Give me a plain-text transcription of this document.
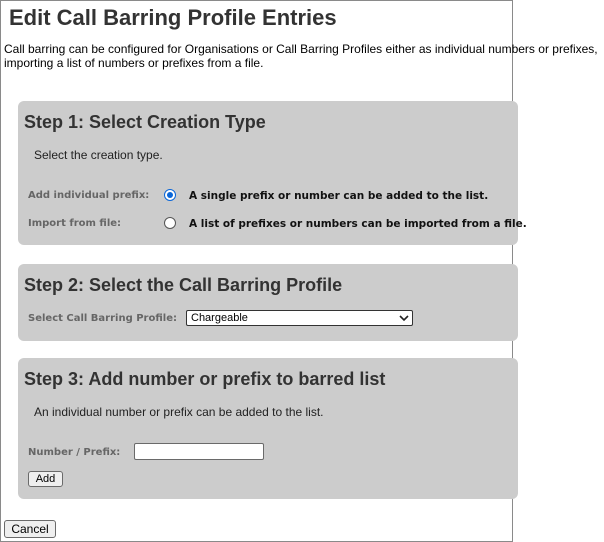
Edit Call Barring Profile Entries
Call barring can be configured for Organisations or Call Barring Profiles either as individual numbers or prefixes,
importing a list of numbers or prefixes from a file.
Step 1: Select Creation Type
Select the creation type.
Add individual prefix:	A single prefix or number can be added to the list.
Import from file:	A list of prefixes or numbers can be imported from a file.
Step 2: Select the Call Barring Profile
Select Call Barring Profile:	Chargeable
Step 3: Add number or prefix to barred list
An individual number or prefix can be added to the list.
Number / Prefix:
Add
Cancel
